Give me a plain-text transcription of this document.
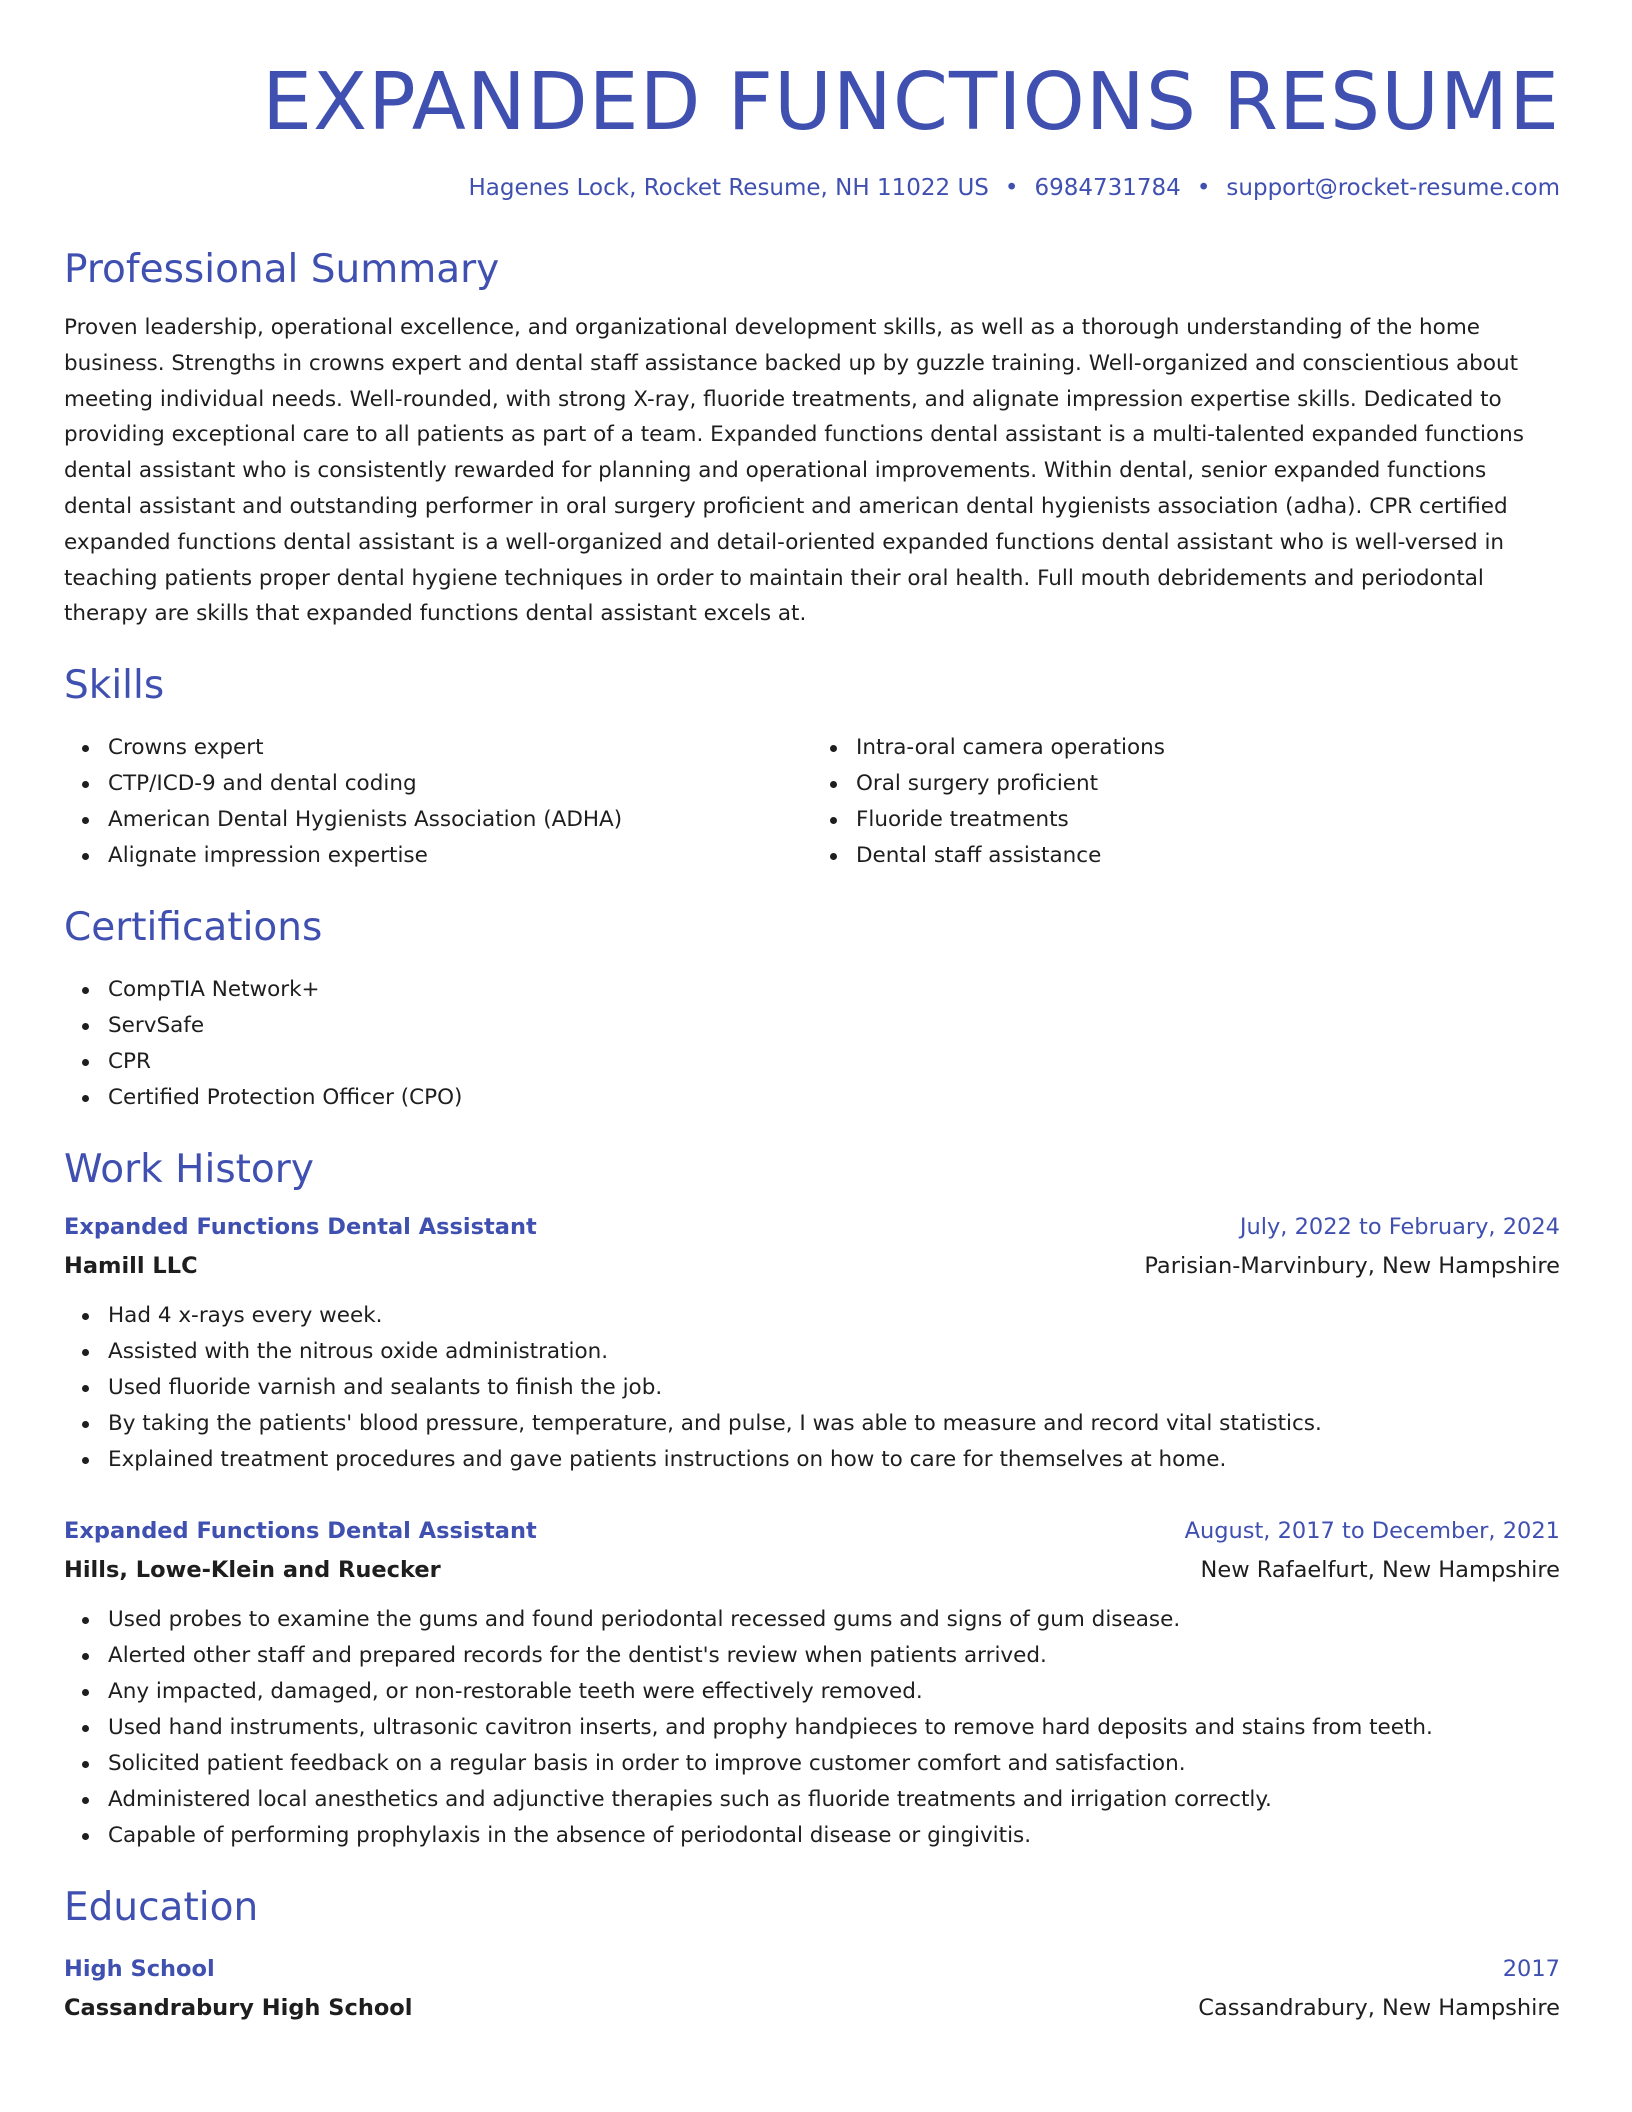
EXPANDED FUNCTIONS RESUME
Hagenes Lock, Rocket Resume, NH 11022 US • 6984731784 • support@rocket-resume.com
Professional Summary

Proven leadership, operational excellence, and organizational development skills, as well as a thorough understanding of the home business. Strengths in crowns expert and dental staff assistance backed up by guzzle training. Well-organized and conscientious about meeting individual needs. Well-rounded, with strong X-ray, fluoride treatments, and alignate impression expertise skills. Dedicated to providing exceptional care to all patients as part of a team. Expanded functions dental assistant is a multi-talented expanded functions dental assistant who is consistently rewarded for planning and operational improvements. Within dental, senior expanded functions dental assistant and outstanding performer in oral surgery proficient and american dental hygienists association (adha). CPR certified expanded functions dental assistant is a well-organized and detail-oriented expanded functions dental assistant who is well-versed in teaching patients proper dental hygiene techniques in order to maintain their oral health. Full mouth debridements and periodontal therapy are skills that expanded functions dental assistant excels at.

Skills
Crowns expert
CTP/ICD-9 and dental coding
American Dental Hygienists Association (ADHA)
Alignate impression expertise
Intra-oral camera operations
Oral surgery proficient
Fluoride treatments
Dental staff assistance
Certifications
CompTIA Network+
ServSafe
CPR
Certified Protection Officer (CPO)
Work History
Expanded Functions Dental Assistant	July, 2022 to February, 2024
Hamill LLC	Parisian-Marvinbury, New Hampshire
Had 4 x-rays every week.
Assisted with the nitrous oxide administration.
Used fluoride varnish and sealants to finish the job.
By taking the patients' blood pressure, temperature, and pulse, I was able to measure and record vital statistics.
Explained treatment procedures and gave patients instructions on how to care for themselves at home.
Expanded Functions Dental Assistant	August, 2017 to December, 2021
Hills, Lowe-Klein and Ruecker	New Rafaelfurt, New Hampshire
Used probes to examine the gums and found periodontal recessed gums and signs of gum disease.
Alerted other staff and prepared records for the dentist's review when patients arrived.
Any impacted, damaged, or non-restorable teeth were effectively removed.
Used hand instruments, ultrasonic cavitron inserts, and prophy handpieces to remove hard deposits and stains from teeth.
Solicited patient feedback on a regular basis in order to improve customer comfort and satisfaction.
Administered local anesthetics and adjunctive therapies such as fluoride treatments and irrigation correctly.
Capable of performing prophylaxis in the absence of periodontal disease or gingivitis.
Education
High School	2017
Cassandrabury High School	Cassandrabury, New Hampshire
